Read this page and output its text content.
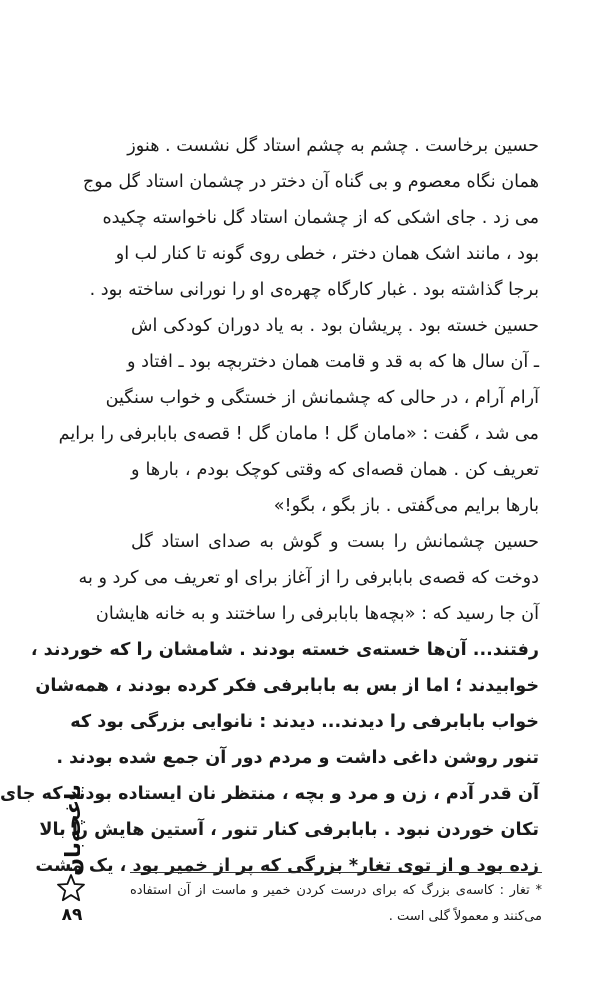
حسین برخاست . چشم به چشم استاد گل نشست . هنوز
همان نگاه معصوم و بی گناه آن دختر در چشمان استاد گل موج
می زد . جای اشکی که از چشمان استاد گل ناخواسته چکیده
بود ، مانند اشک همان دختر ، خطی روی گونه تا کنار لب او
برجا گذاشته بود . غبار کارگاه چهره‌ی او را نورانی ساخته بود .
حسین خسته بود . پریشان بود . به یاد دوران کودکی اش
ـ آن سال ها که به قد و قامت همان دختربچه بود ـ افتاد و
آرام آرام ، در حالی که چشمانش از خستگی و خواب سنگین
می شد ، گفت : «مامان گل ! مامان گل ! قصه‌ی بابابرفی را برایم
تعریف کن . همان قصه‌ای که وقتی کوچک بودم ، بارها و
بارها برایم می‌گفتی . باز بگو ، بگو!»
حسین چشمانش را بست و گوش به صدای استاد گل
دوخت که قصه‌ی بابابرفی را از آغاز برای او تعریف می کرد و به
آن جا رسید که : «بچه‌ها بابابرفی را ساختند و به خانه هایشان
رفتند... آن‌ها خسته‌ی خسته بودند . شامشان را که خوردند ،
خوابیدند ؛ اما از بس به بابابرفی فکر کرده بودند ، همه‌شان
خواب بابابرفی را دیدند... دیدند : نانوایی بزرگی بود که
تنور روشن داغی داشت و مردم دور آن جمع شده بودند .
آن قدر آدم ، زن و مرد و بچه ، منتظر نان ایستاده بودند که جای
تکان خوردن نبود . بابابرفی کنار تنور ، آستین هایش را بالا
زده بود و از توی تغار* بزرگی که پر از خمیر بود ، یک مشت
* تغار : کاسه‌ی بزرگ که برای درست کردن خمیر و ماست از آن استفاده
می‌کنند و معمولاً گلی است .
باغچه‌بان
۸۹
